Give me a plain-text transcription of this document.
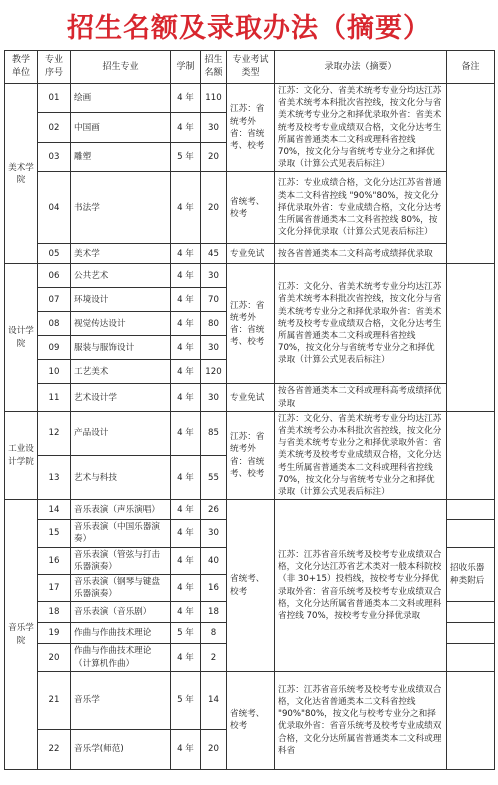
招生名额及录取办法（摘要）
教学单位	专业序号	招生专业	学制	招生名额	专业考试类型	录取办法（摘要）	备注
美术学院	01	绘画	4 年	110	江苏：省统考外省：省统考、校考	江苏：文化分、省美术统考专业分均达江苏省美术统考本科批次省控线，按文化分与省美术统考专业分之和择优录取外省：省美术统考及校考专业成绩双合格，文化分达考生所属省普通类本二文科或理科省控线 70%，按文化分与省统考专业分之和择优录取（计算公式见表后标注）	
	02	中国画	4 年	30			
	03	雕塑	5 年	20			
	04	书法学	4 年	20	省统考、校考	江苏：专业成绩合格，文化分达江苏省普通类本二文科省控线 "90%"80%，按文化分择优录取外省：专业成绩合格，文化分达考生所属省普通类本二文科省控线 80%，按文化分择优录取（计算公式见表后标注）	
	05	美术学	4 年	45	专业免试	按各省普通类本二文科高考成绩择优录取	
设计学院	06	公共艺术	4 年	30	江苏：省统考外省：省统考、校考	江苏：文化分、省美术统考专业分均达江苏省美术统考本科批次省控线，按文化分与省美术统考专业分之和择优录取外省：省美术统考及校考专业成绩双合格，文化分达考生所属省普通类本二文科或理科省控线 70%，按文化分与省统考专业分之和择优录取（计算公式见表后标注）	
	07	环境设计	4 年	70			
	08	视觉传达设计	4 年	80			
	09	服装与服饰设计	4 年	30			
	10	工艺美术	4 年	120			
	11	艺术设计学	4 年	30	专业免试	按各省普通类本二文科或理科高考成绩择优录取	
工业设计学院	12	产品设计	4 年	85	江苏：省统考外省：省统考、校考	江苏：文化分、省美术统考专业分均达江苏省美术统考公办本科批次省控线，按文化分与省美术统考专业分之和择优录取外省：省美术统考及校考专业成绩双合格，文化分达考生所属省普通类本二文科或理科省控线 70%，按文化分与省统考专业分之和择优录取（计算公式见表后标注）	
	13	艺术与科技	4 年	55			
音乐学院	14	音乐表演（声乐演唱）	4 年	26	省统考、校考	江苏：江苏省音乐统考及校考专业成绩双合格，文化分达江苏省艺术类对一般本科院校（非 30+15）投档线，按校考专业分择优录取外省：省音乐统考及校考专业成绩双合格，文化分达所属省普通类本二文科或理科省控线 70%，按校考专业分择优录取	
	15	音乐表演（中国乐器演奏）	4 年	30			
	16	音乐表演（管弦与打击乐器演奏）	4 年	40			招收乐器种类附后
	17	音乐表演（钢琴与键盘乐器演奏）	4 年	16			
	18	音乐表演（音乐剧）	4 年	18			
	19	作曲与作曲技术理论	5 年	8			
	20	作曲与作曲技术理论（计算机作曲）	4 年	2			
	21	音乐学	5 年	14	省统考、校考	江苏：江苏省音乐统考及校考专业成绩双合格，文化达省普通类本二文科省控线 "90%"80%，按文化与校考专业分之和择优录取外省：省音乐统考及校考专业成绩双合格，文化分达所属省普通类本二文科或理科省	
	22	音乐学(师范)	4 年	20			
